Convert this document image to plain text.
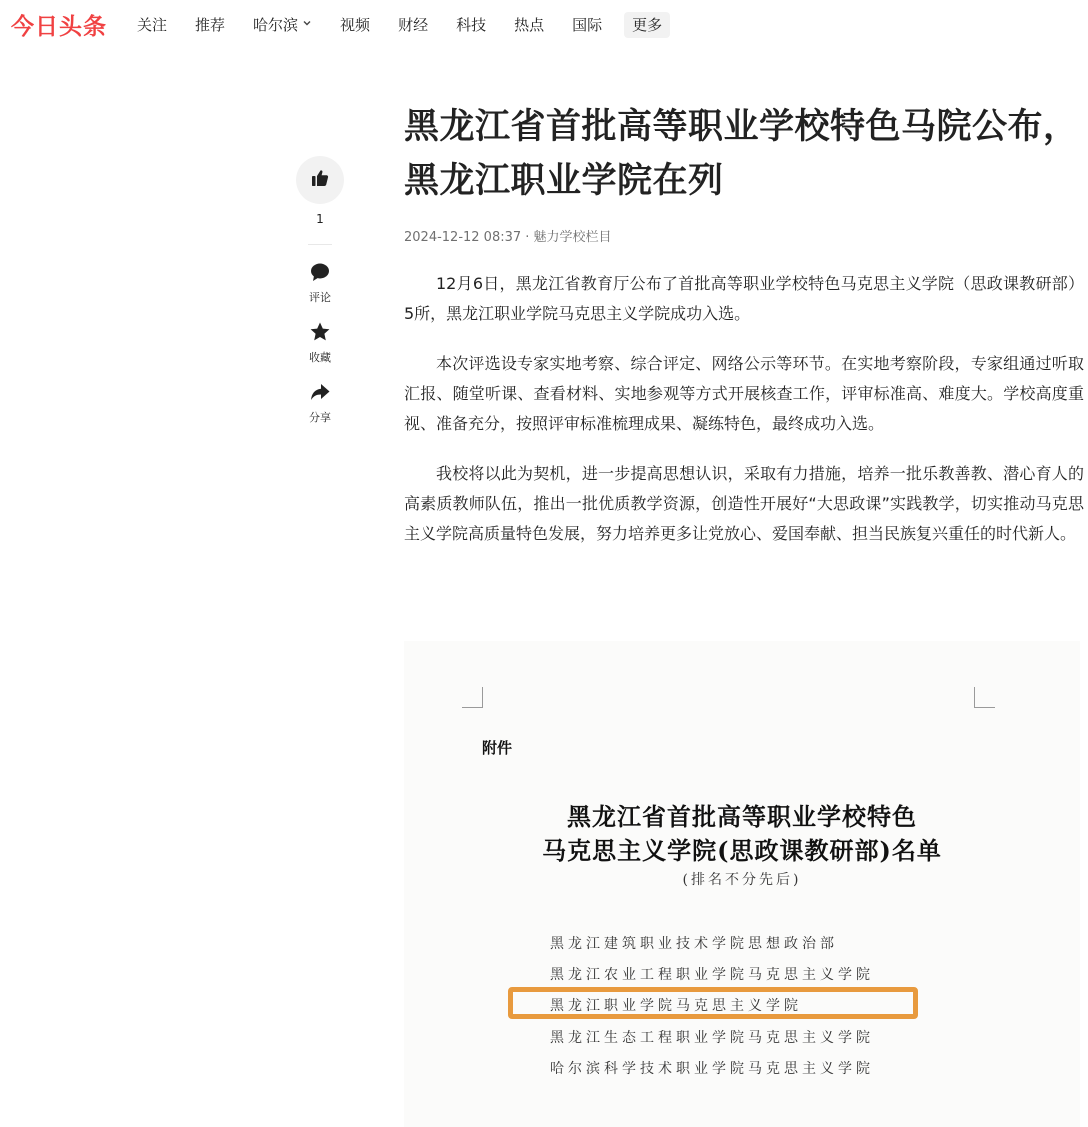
今日头条 关注 推荐 哈尔滨	视频 财经 科技 热点 国际	更多
1
评论
收藏
分享
黑龙江省首批高等职业学校特色马院公布，黑龙江职业学院在列
2024-12-12 08:37 · 魅力学校栏目

12月6日，黑龙江省教育厅公布了首批高等职业学校特色马克思主义学院（思政课教研部）5所，黑龙江职业学院马克思主义学院成功入选。

本次评选设专家实地考察、综合评定、网络公示等环节。在实地考察阶段，专家组通过听取汇报、随堂听课、查看材料、实地参观等方式开展核查工作，评审标准高、难度大。学校高度重视、准备充分，按照评审标准梳理成果、凝练特色，最终成功入选。

我校将以此为契机，进一步提高思想认识，采取有力措施，培养一批乐教善教、潜心育人的高素质教师队伍，推出一批优质教学资源，创造性开展好“大思政课”实践教学，切实推动马克思主义学院高质量特色发展，努力培养更多让党放心、爱国奉献、担当民族复兴重任的时代新人。

附件
黑龙江省首批高等职业学校特色
马克思主义学院(思政课教研部)名单
(排名不分先后)
黑龙江建筑职业技术学院思想政治部
黑龙江农业工程职业学院马克思主义学院
黑龙江职业学院马克思主义学院
黑龙江生态工程职业学院马克思主义学院
哈尔滨科学技术职业学院马克思主义学院
